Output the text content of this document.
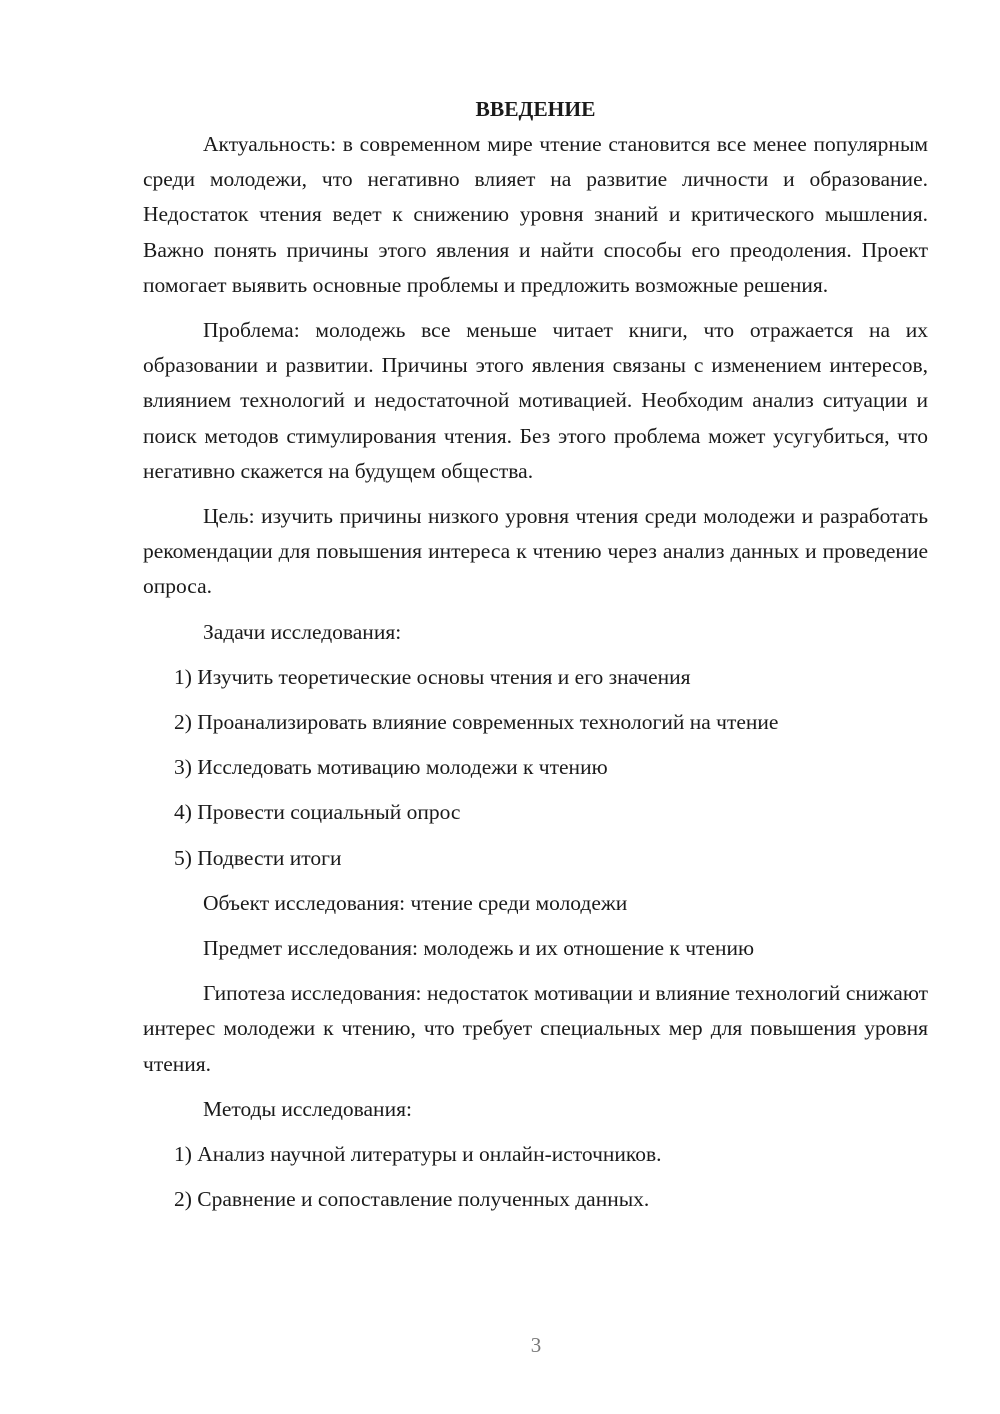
ВВЕДЕНИЕ

Актуальность: в современном мире чтение становится все менее популярным среди молодежи, что негативно влияет на развитие личности и образование. Недостаток чтения ведет к снижению уровня знаний и критического мышления. Важно понять причины этого явления и найти способы его преодоления. Проект помогает выявить основные проблемы и предложить возможные решения.

Проблема: молодежь все меньше читает книги, что отражается на их образовании и развитии. Причины этого явления связаны с изменением интересов, влиянием технологий и недостаточной мотивацией. Необходим анализ ситуации и поиск методов стимулирования чтения. Без этого проблема может усугубиться, что негативно скажется на будущем общества.

Цель: изучить причины низкого уровня чтения среди молодежи и разработать рекомендации для повышения интереса к чтению через анализ данных и проведение опроса.

Задачи исследования:
1) Изучить теоретические основы чтения и его значения
2) Проанализировать влияние современных технологий на чтение
3) Исследовать мотивацию молодежи к чтению
4) Провести социальный опрос
5) Подвести итоги
Объект исследования: чтение среди молодежи
Предмет исследования: молодежь и их отношение к чтению

Гипотеза исследования: недостаток мотивации и влияние технологий снижают интерес молодежи к чтению, что требует специальных мер для повышения уровня чтения.

Методы исследования:
1) Анализ научной литературы и онлайн-источников.
2) Сравнение и сопоставление полученных данных.
3
